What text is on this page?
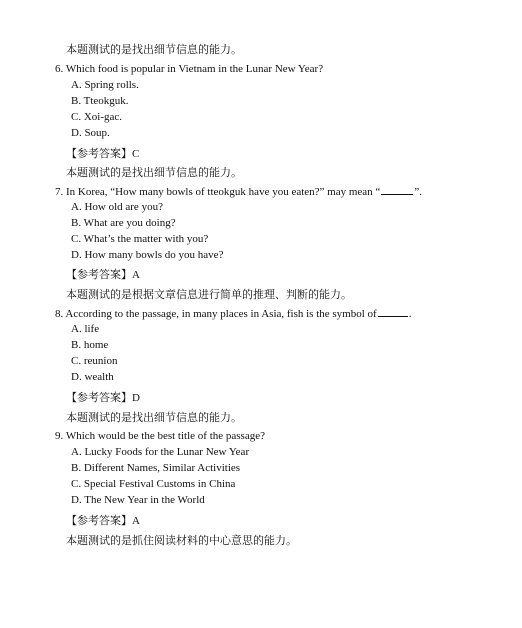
本题测试的是找出细节信息的能力。
6. Which food is popular in Vietnam in the Lunar New Year?
A. Spring rolls.
B. Tteokguk.
C. Xoi-gac.
D. Soup.
【参考答案】C
本题测试的是找出细节信息的能力。
7. In Korea, “How many bowls of tteokguk have you eaten?” may mean “	”.
A. How old are you?
B. What are you doing?
C. What’s the matter with you?
D. How many bowls do you have?
【参考答案】A
本题测试的是根据文章信息进行简单的推理、判断的能力。
8. According to the passage, in many places in Asia, fish is the symbol of	.
A. life
B. home
C. reunion
D. wealth
【参考答案】D
本题测试的是找出细节信息的能力。
9. Which would be the best title of the passage?
A. Lucky Foods for the Lunar New Year
B. Different Names, Similar Activities
C. Special Festival Customs in China
D. The New Year in the World
【参考答案】A
本题测试的是抓住阅读材料的中心意思的能力。
